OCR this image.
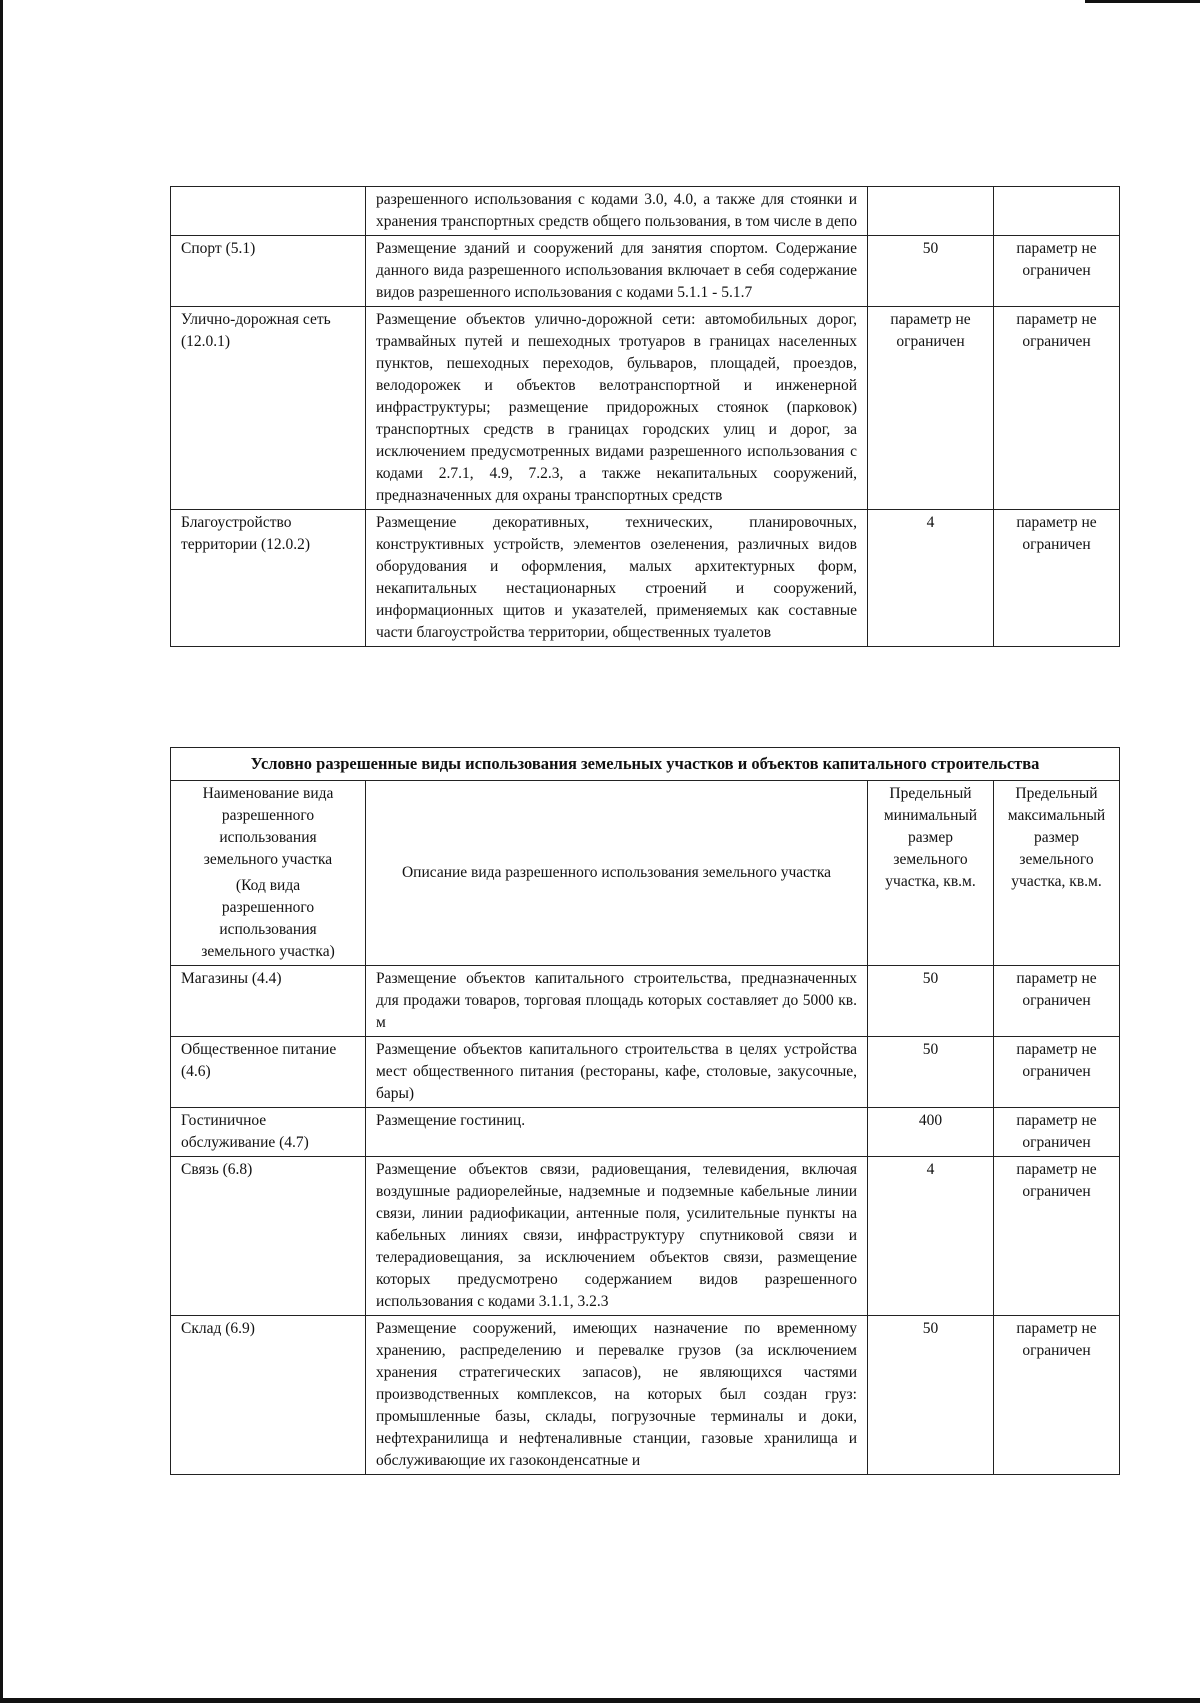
	разрешенного использования с кодами 3.0, 4.0, а также для стоянки и хранения транспортных средств общего пользования, в том числе в депо		
Спорт (5.1)	Размещение зданий и сооружений для занятия спортом. Содержание данного вида разрешенного использования включает в себя содержание видов разрешенного использования с кодами 5.1.1 - 5.1.7	50	параметр не ограничен
Улично-дорожная сеть (12.0.1)	Размещение объектов улично-дорожной сети: автомобильных дорог, трамвайных путей и пешеходных тротуаров в границах населенных пунктов, пешеходных переходов, бульваров, площадей, проездов, велодорожек и объектов велотранспортной и инженерной инфраструктуры; размещение придорожных стоянок (парковок) транспортных средств в границах городских улиц и дорог, за исключением предусмотренных видами разрешенного использования с кодами 2.7.1, 4.9, 7.2.3, а также некапитальных сооружений, предназначенных для охраны транспортных средств	параметр не ограничен	параметр не ограничен
Благоустройство территории (12.0.2)	Размещение декоративных, технических, планировочных, конструктивных устройств, элементов озеленения, различных видов оборудования и оформления, малых архитектурных форм, некапитальных нестационарных строений и сооружений, информационных щитов и указателей, применяемых как составные части благоустройства территории, общественных туалетов	4	параметр не ограничен
Условно разрешенные виды использования земельных участков и объектов капитального строительства			

Наименование вида разрешенного использования земельного участка
(Код вида разрешенного использования земельного участка)	Описание вида разрешенного использования земельного участка	Предельный минимальный размер земельного участка, кв.м.	Предельный максимальный размер земельного участка, кв.м.
Магазины (4.4)	Размещение объектов капитального строительства, предназначенных для продажи товаров, торговая площадь которых составляет до 5000 кв. м	50	параметр не ограничен
Общественное питание (4.6)	Размещение объектов капитального строительства в целях устройства мест общественного питания (рестораны, кафе, столовые, закусочные, бары)	50	параметр не ограничен
Гостиничное обслуживание (4.7)	Размещение гостиниц.	400	параметр не ограничен
Связь (6.8)	Размещение объектов связи, радиовещания, телевидения, включая воздушные радиорелейные, надземные и подземные кабельные линии связи, линии радиофикации, антенные поля, усилительные пункты на кабельных линиях связи, инфраструктуру спутниковой связи и телерадиовещания, за исключением объектов связи, размещение которых предусмотрено содержанием видов разрешенного использования с кодами 3.1.1, 3.2.3	4	параметр не ограничен
Склад (6.9)	Размещение сооружений, имеющих назначение по временному хранению, распределению и перевалке грузов (за исключением хранения стратегических запасов), не являющихся частями производственных комплексов, на которых был создан груз: промышленные базы, склады, погрузочные терминалы и доки, нефтехранилища и нефтеналивные станции, газовые хранилища и обслуживающие их газоконденсатные и	50	параметр не ограничен
